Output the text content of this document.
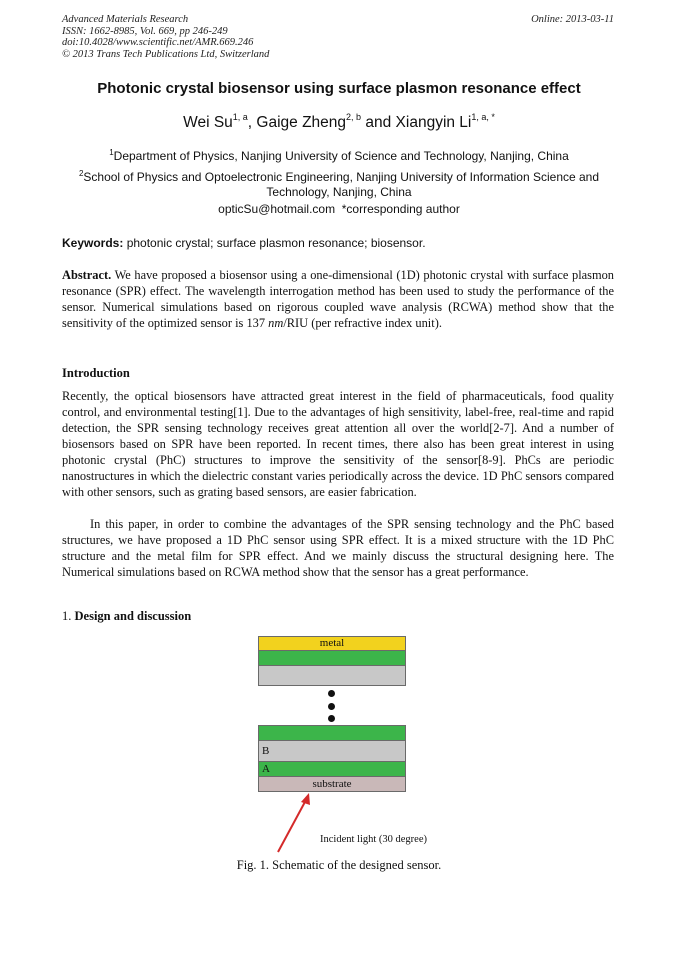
Advanced Materials Research
ISSN: 1662-8985, Vol. 669, pp 246-249
doi:10.4028/www.scientific.net/AMR.669.246
© 2013 Trans Tech Publications Ltd, Switzerland
Online: 2013-03-11
Photonic crystal biosensor using surface plasmon resonance effect
Wei Su$^{1, a}$, Gaige Zheng$^{2, b}$ and Xiangyin $Li^{1, a, *}$
$^1$Department of Physics, Nanjing University of Science and Technology, Nanjing, China
$^2$School of Physics and Optoelectronic Engineering, Nanjing University of Information Science and Technology, Nanjing, China
opticSu@hotmail.com  *corresponding author
Keywords: photonic crystal; surface plasmon resonance; biosensor.
Abstract. We have proposed a biosensor using a one-dimensional (1D) photonic crystal with surface plasmon resonance (SPR) effect. The wavelength interrogation method has been used to study the performance of the sensor. Numerical simulations based on rigorous coupled wave analysis (RCWA) method show that the sensitivity of the optimized sensor is 137 nm/RIU (per refractive index unit).
Introduction
Recently, the optical biosensors have attracted great interest in the field of pharmaceuticals, food quality control, and environmental testing[1]. Due to the advantages of high sensitivity, label-free, real-time and rapid detection, the SPR sensing technology receives great attention all over the world[2-7]. And a number of biosensors based on SPR have been reported. In recent times, there also has been great interest in using photonic crystal (PhC) structures to improve the sensitivity of the sensor[8-9]. PhCs are periodic nanostructures in which the dielectric constant varies periodically across the device. 1D PhC sensors compared with other sensors, such as grating based sensors, are easier fabrication.
In this paper, in order to combine the advantages of the SPR sensing technology and the PhC based structures, we have proposed a 1D PhC sensor using SPR effect. It is a mixed structure with the 1D PhC structure and the metal film for SPR effect. And we mainly discuss the structural designing here. The Numerical simulations based on RCWA method show that the sensor has a great performance.
1. Design and discussion
metal
B
A
substrate
Incident light (30 degree)
Fig. 1. Schematic of the designed sensor.
